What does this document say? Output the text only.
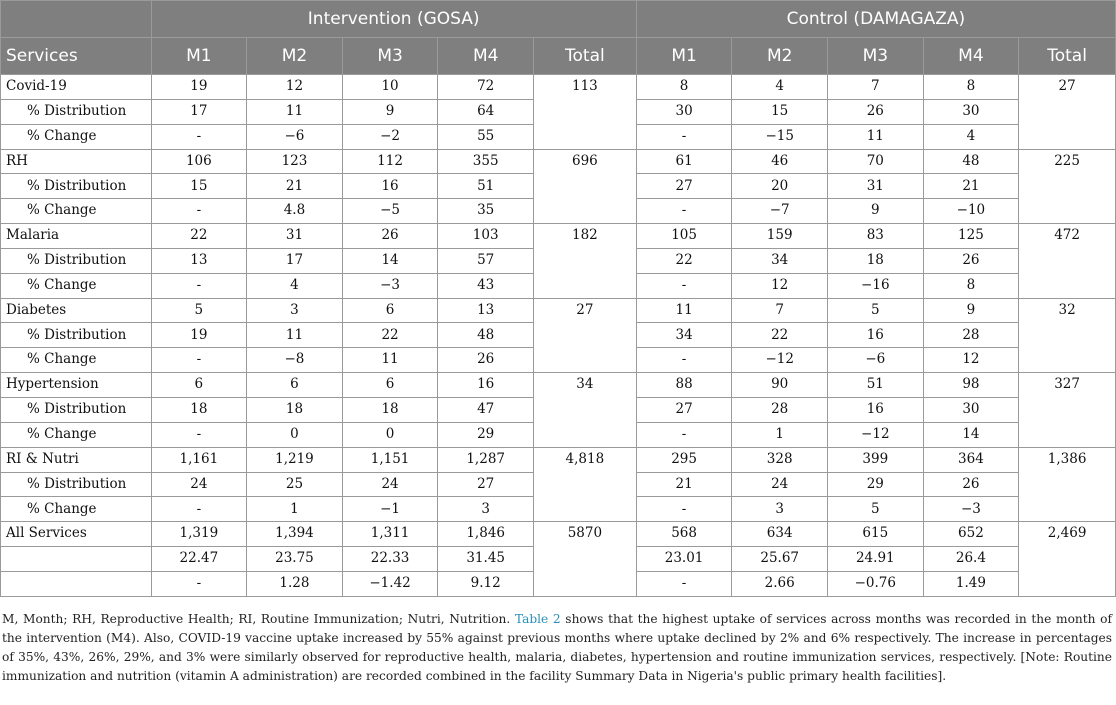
	Intervention (GOSA)					Control (DAMAGAZA)				
Services	M1	M2	M3	M4	Total	M1	M2	M3	M4	Total
Covid-19	19	12	10	72	113	8	4	7	8	27
% Distribution	17	11	9	64		30	15	26	30	
% Change	-	−6	−2	55		-	−15	11	4	
RH	106	123	112	355	696	61	46	70	48	225
% Distribution	15	21	16	51		27	20	31	21	
% Change	-	4.8	−5	35		-	−7	9	−10	
Malaria	22	31	26	103	182	105	159	83	125	472
% Distribution	13	17	14	57		22	34	18	26	
% Change	-	4	−3	43		-	12	−16	8	
Diabetes	5	3	6	13	27	11	7	5	9	32
% Distribution	19	11	22	48		34	22	16	28	
% Change	-	−8	11	26		-	−12	−6	12	
Hypertension	6	6	6	16	34	88	90	51	98	327
% Distribution	18	18	18	47		27	28	16	30	
% Change	-	0	0	29		-	1	−12	14	
RI & Nutri	1,161	1,219	1,151	1,287	4,818	295	328	399	364	1,386
% Distribution	24	25	24	27		21	24	29	26	
% Change	-	1	−1	3		-	3	5	−3	
All Services	1,319	1,394	1,311	1,846	5870	568	634	615	652	2,469
	22.47	23.75	22.33	31.45		23.01	25.67	24.91	26.4	
	-	1.28	−1.42	9.12		-	2.66	−0.76	1.49	

M, Month; RH, Reproductive Health; RI, Routine Immunization; Nutri, Nutrition. Table 2 shows that the highest uptake of services across months was recorded in the month of the intervention (M4). Also, COVID-19 vaccine uptake increased by 55% against previous months where uptake declined by 2% and 6% respectively. The increase in percentages of 35%, 43%, 26%, 29%, and 3% were similarly observed for reproductive health, malaria, diabetes, hypertension and routine immunization services, respectively. [Note: Routine immunization and nutrition (vitamin A administration) are recorded combined in the facility Summary Data in Nigeria's public primary health facilities].
